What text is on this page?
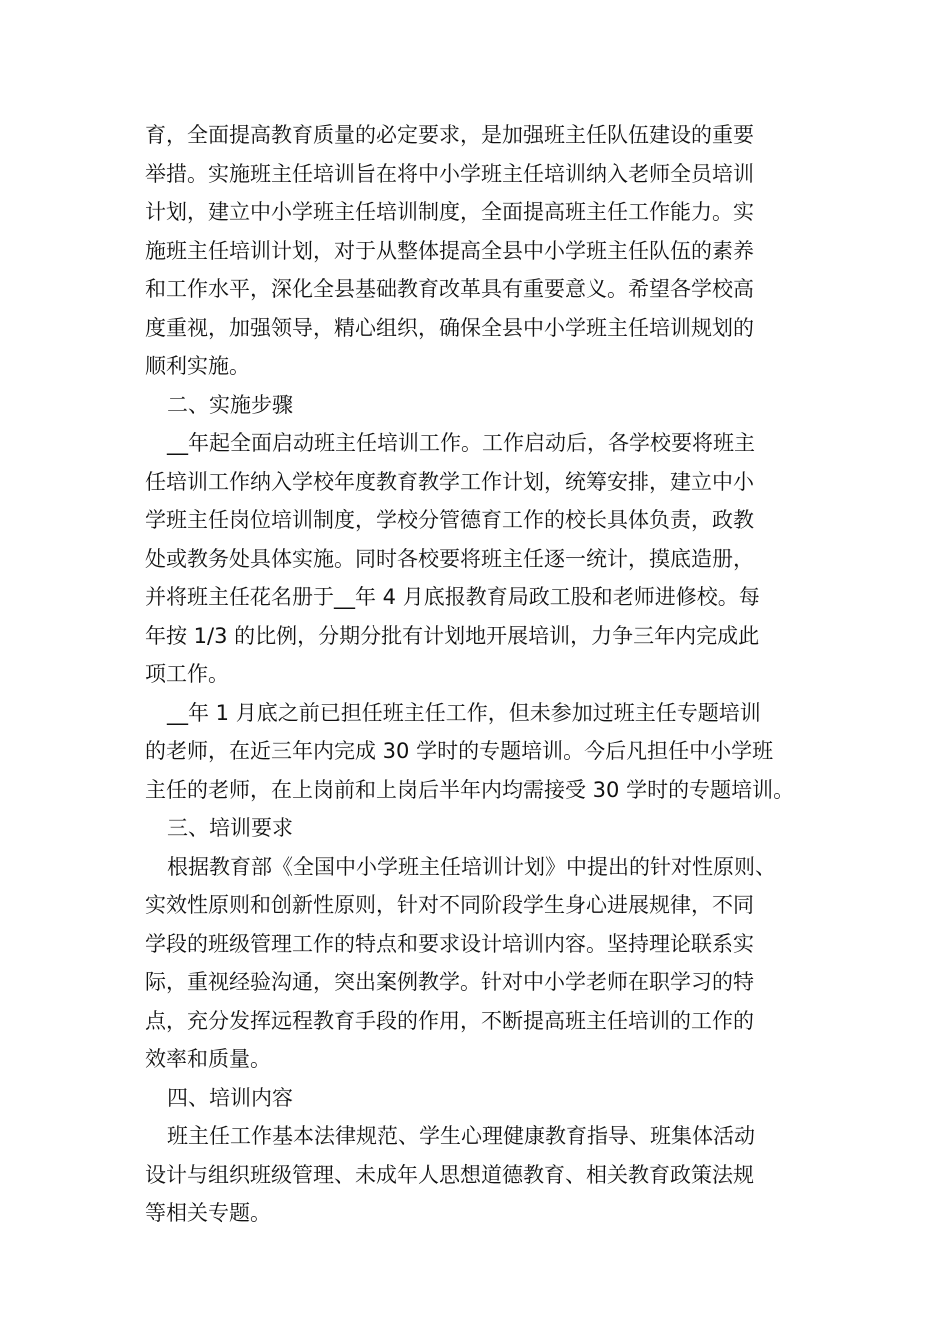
育，全面提高教育质量的必定要求，是加强班主任队伍建设的重要
举措。实施班主任培训旨在将中小学班主任培训纳入老师全员培训
计划，建立中小学班主任培训制度，全面提高班主任工作能力。实
施班主任培训计划，对于从整体提高全县中小学班主任队伍的素养
和工作水平，深化全县基础教育改革具有重要意义。希望各学校高
度重视，加强领导，精心组织，确保全县中小学班主任培训规划的
顺利实施。
二、实施步骤
__年起全面启动班主任培训工作。工作启动后，各学校要将班主
任培训工作纳入学校年度教育教学工作计划，统筹安排，建立中小
学班主任岗位培训制度，学校分管德育工作的校长具体负责，政教
处或教务处具体实施。同时各校要将班主任逐一统计，摸底造册，
并将班主任花名册于__年 4 月底报教育局政工股和老师进修校。每
年按 1/3 的比例，分期分批有计划地开展培训，力争三年内完成此
项工作。
__年 1 月底之前已担任班主任工作，但未参加过班主任专题培训
的老师，在近三年内完成 30 学时的专题培训。今后凡担任中小学班
主任的老师，在上岗前和上岗后半年内均需接受 30 学时的专题培训。
三、培训要求
根据教育部《全国中小学班主任培训计划》中提出的针对性原则、
实效性原则和创新性原则，针对不同阶段学生身心进展规律，不同
学段的班级管理工作的特点和要求设计培训内容。坚持理论联系实
际，重视经验沟通，突出案例教学。针对中小学老师在职学习的特
点，充分发挥远程教育手段的作用，不断提高班主任培训的工作的
效率和质量。
四、培训内容
班主任工作基本法律规范、学生心理健康教育指导、班集体活动
设计与组织班级管理、未成年人思想道德教育、相关教育政策法规
等相关专题。
